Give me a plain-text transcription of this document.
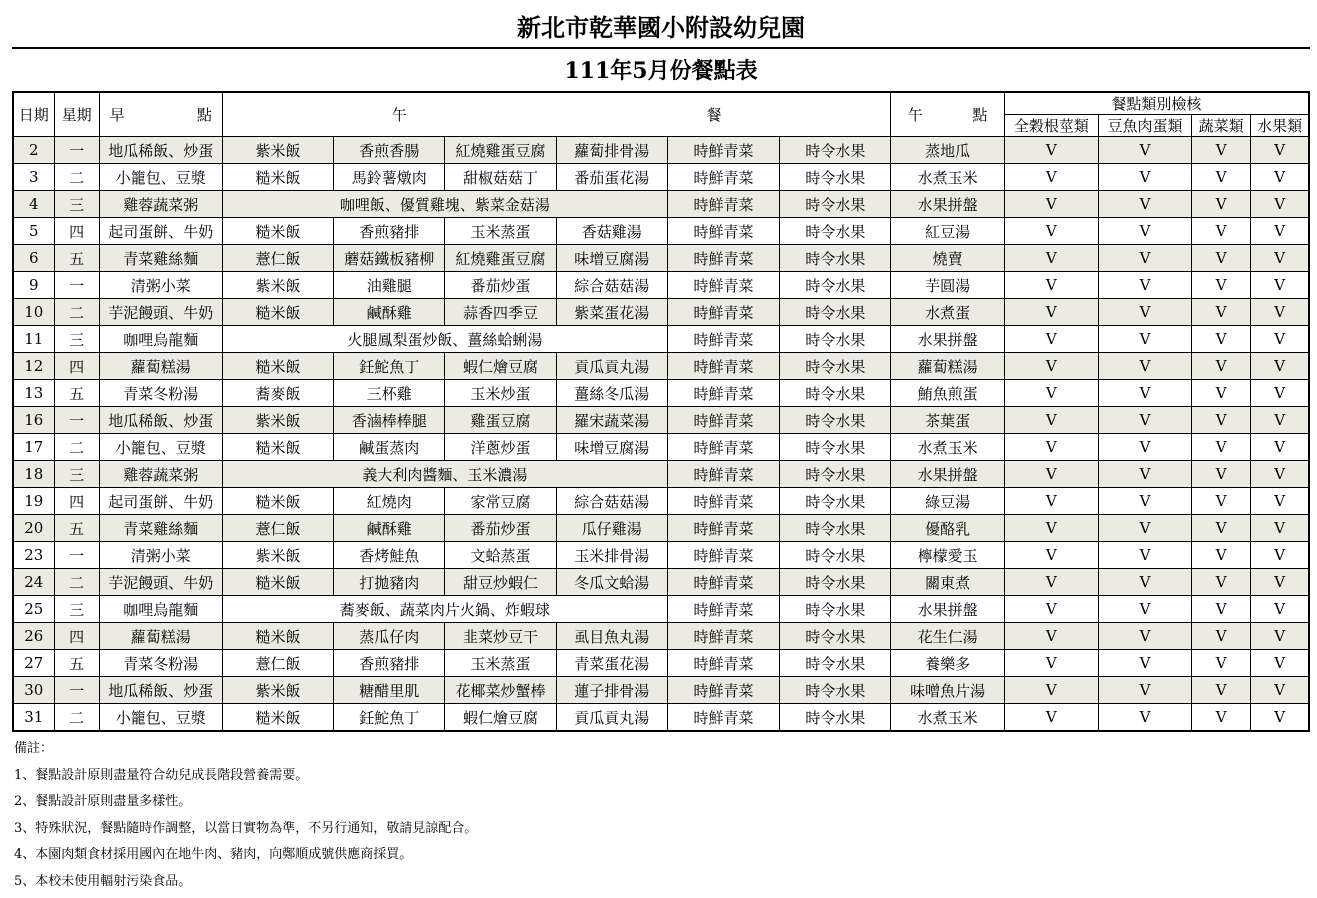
新北市乾華國小附設幼兒園
111年5月份餐點表
日期	星期	早 點	午 餐						午 點	餐點類別檢核			
										全穀根莖類	豆魚肉蛋類	蔬菜類	水果類
2	一	地瓜稀飯、炒蛋	紫米飯	香煎香腸	紅燒雞蛋豆腐	蘿蔔排骨湯	時鮮青菜	時令水果	蒸地瓜	V	V	V	V
3	二	小籠包、豆漿	糙米飯	馬鈴薯燉肉	甜椒菇菇丁	番茄蛋花湯	時鮮青菜	時令水果	水煮玉米	V	V	V	V
4	三	雞蓉蔬菜粥	咖哩飯、優質雞塊、紫菜金菇湯				時鮮青菜	時令水果	水果拼盤	V	V	V	V
5	四	起司蛋餅、牛奶	糙米飯	香煎豬排	玉米蒸蛋	香菇雞湯	時鮮青菜	時令水果	紅豆湯	V	V	V	V
6	五	青菜雞絲麵	薏仁飯	蘑菇鐵板豬柳	紅燒雞蛋豆腐	味增豆腐湯	時鮮青菜	時令水果	燒賣	V	V	V	V
9	一	清粥小菜	紫米飯	油雞腿	番茄炒蛋	綜合菇菇湯	時鮮青菜	時令水果	芋圓湯	V	V	V	V
10	二	芋泥饅頭、牛奶	糙米飯	鹹酥雞	蒜香四季豆	紫菜蛋花湯	時鮮青菜	時令水果	水煮蛋	V	V	V	V
11	三	咖哩烏龍麵	火腿鳳梨蛋炒飯、薑絲蛤蜊湯				時鮮青菜	時令水果	水果拼盤	V	V	V	V
12	四	蘿蔔糕湯	糙米飯	鈓鮀魚丁	蝦仁燴豆腐	貢瓜貢丸湯	時鮮青菜	時令水果	蘿蔔糕湯	V	V	V	V
13	五	青菜冬粉湯	蕎麥飯	三杯雞	玉米炒蛋	薑絲冬瓜湯	時鮮青菜	時令水果	鮪魚煎蛋	V	V	V	V
16	一	地瓜稀飯、炒蛋	紫米飯	香滷棒棒腿	雞蛋豆腐	羅宋蔬菜湯	時鮮青菜	時令水果	茶葉蛋	V	V	V	V
17	二	小籠包、豆漿	糙米飯	鹹蛋蒸肉	洋蔥炒蛋	味增豆腐湯	時鮮青菜	時令水果	水煮玉米	V	V	V	V
18	三	雞蓉蔬菜粥	義大利肉醬麵、玉米濃湯				時鮮青菜	時令水果	水果拼盤	V	V	V	V
19	四	起司蛋餅、牛奶	糙米飯	紅燒肉	家常豆腐	綜合菇菇湯	時鮮青菜	時令水果	綠豆湯	V	V	V	V
20	五	青菜雞絲麵	薏仁飯	鹹酥雞	番茄炒蛋	瓜仔雞湯	時鮮青菜	時令水果	優酪乳	V	V	V	V
23	一	清粥小菜	紫米飯	香烤鮭魚	文蛤蒸蛋	玉米排骨湯	時鮮青菜	時令水果	檸檬愛玉	V	V	V	V
24	二	芋泥饅頭、牛奶	糙米飯	打拋豬肉	甜豆炒蝦仁	冬瓜文蛤湯	時鮮青菜	時令水果	關東煮	V	V	V	V
25	三	咖哩烏龍麵	蕎麥飯、蔬菜肉片火鍋、炸蝦球				時鮮青菜	時令水果	水果拼盤	V	V	V	V
26	四	蘿蔔糕湯	糙米飯	蒸瓜仔肉	韭菜炒豆干	虱目魚丸湯	時鮮青菜	時令水果	花生仁湯	V	V	V	V
27	五	青菜冬粉湯	薏仁飯	香煎豬排	玉米蒸蛋	青菜蛋花湯	時鮮青菜	時令水果	養樂多	V	V	V	V
30	一	地瓜稀飯、炒蛋	紫米飯	糖醋里肌	花椰菜炒蟹棒	蓮子排骨湯	時鮮青菜	時令水果	味噌魚片湯	V	V	V	V
31	二	小籠包、豆漿	糙米飯	鈓鮀魚丁	蝦仁燴豆腐	貢瓜貢丸湯	時鮮青菜	時令水果	水煮玉米	V	V	V	V
備註：
1、餐點設計原則盡量符合幼兒成長階段營養需要。
2、餐點設計原則盡量多樣性。
3、特殊狀況，餐點隨時作調整，以當日實物為準，不另行通知，敬請見諒配合。
4、本園肉類食材採用國內在地牛肉、豬肉，向鄭順成號供應商採買。
5、本校未使用輻射污染食品。
